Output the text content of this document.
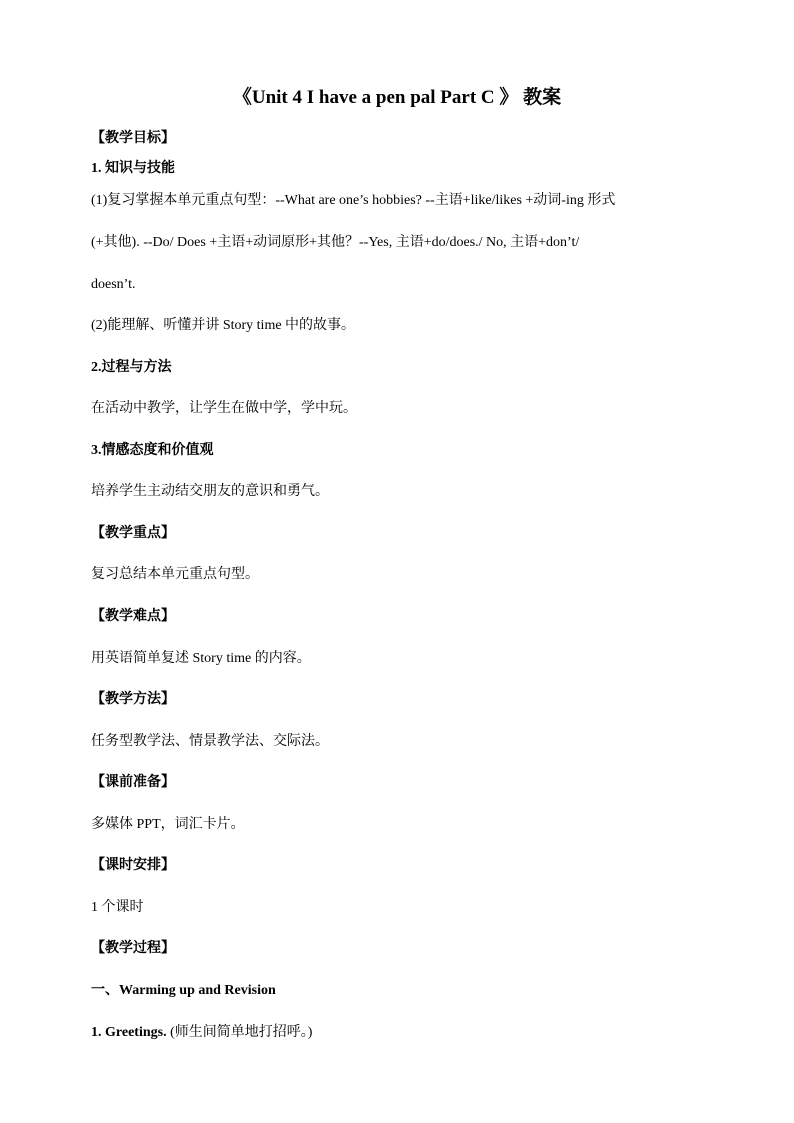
《Unit 4 I have a pen pal Part C 》 教案
【教学目标】
1. 知识与技能
(1)复习掌握本单元重点句型：--What are one’s hobbies? --主语+like/likes +动词-ing 形式
(+其他). --Do/ Does +主语+动词原形+其他？--Yes, 主语+do/does./ No, 主语+don’t/
doesn’t.
(2)能理解、听懂并讲 Story time 中的故事。
2.过程与方法
在活动中教学，让学生在做中学，学中玩。
3.情感态度和价值观
培养学生主动结交朋友的意识和勇气。
【教学重点】
复习总结本单元重点句型。
【教学难点】
用英语简单复述 Story time 的内容。
【教学方法】
任务型教学法、情景教学法、交际法。
【课前准备】
多媒体 PPT，词汇卡片。
【课时安排】
1 个课时
【教学过程】
一、Warming up and Revision
1. Greetings. (师生间简单地打招呼。)
